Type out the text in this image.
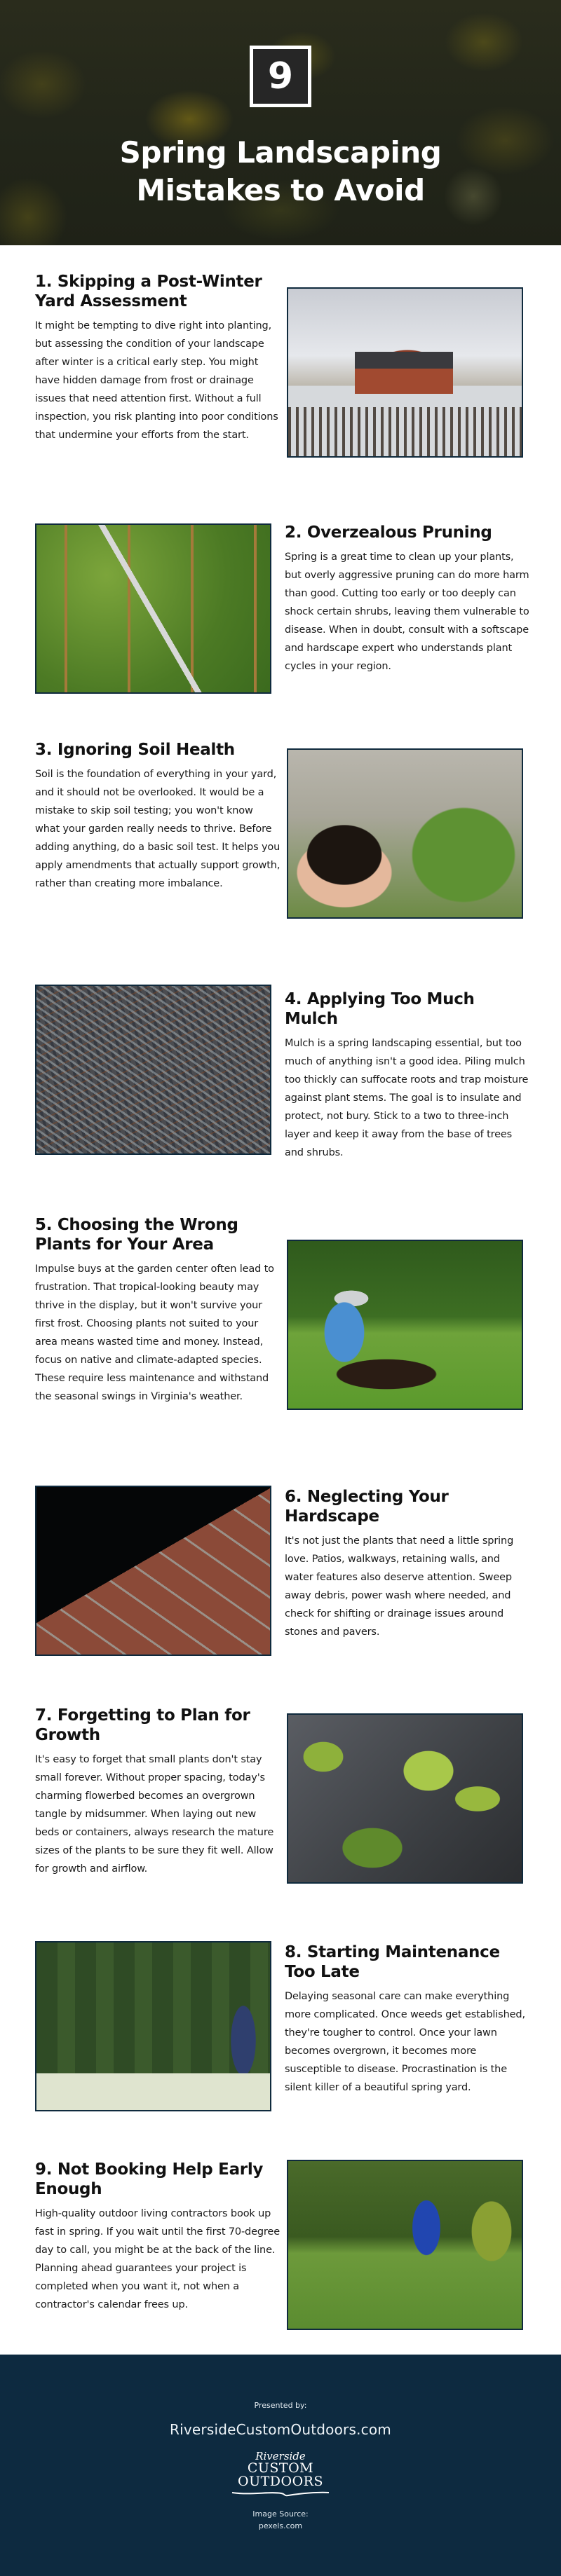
9
Spring Landscaping
Mistakes to Avoid
1. Skipping a Post-Winter Yard Assessment

It might be tempting to dive right into planting, but assessing the condition of your landscape after winter is a critical early step. You might have hidden damage from frost or drainage issues that need attention first. Without a full inspection, you risk planting into poor conditions that undermine your efforts from the start.

2. Overzealous Pruning

Spring is a great time to clean up your plants, but overly aggressive pruning can do more harm than good. Cutting too early or too deeply can shock certain shrubs, leaving them vulnerable to disease. When in doubt, consult with a softscape and hardscape expert who understands plant cycles in your region.

3. Ignoring Soil Health

Soil is the foundation of everything in your yard, and it should not be overlooked. It would be a mistake to skip soil testing; you won't know what your garden really needs to thrive. Before adding anything, do a basic soil test. It helps you apply amendments that actually support growth, rather than creating more imbalance.

4. Applying Too Much Mulch

Mulch is a spring landscaping essential, but too much of anything isn't a good idea. Piling mulch too thickly can suffocate roots and trap moisture against plant stems. The goal is to insulate and protect, not bury. Stick to a two to three-inch layer and keep it away from the base of trees and shrubs.

5. Choosing the Wrong Plants for Your Area

Impulse buys at the garden center often lead to frustration. That tropical-looking beauty may thrive in the display, but it won't survive your first frost. Choosing plants not suited to your area means wasted time and money. Instead, focus on native and climate-adapted species. These require less maintenance and withstand the seasonal swings in Virginia's weather.

6. Neglecting Your Hardscape

It's not just the plants that need a little spring love. Patios, walkways, retaining walls, and water features also deserve attention. Sweep away debris, power wash where needed, and check for shifting or drainage issues around stones and pavers.

7. Forgetting to Plan for Growth

It's easy to forget that small plants don't stay small forever. Without proper spacing, today's charming flowerbed becomes an overgrown tangle by midsummer. When laying out new beds or containers, always research the mature sizes of the plants to be sure they fit well. Allow for growth and airflow.

8. Starting Maintenance Too Late

Delaying seasonal care can make everything more complicated. Once weeds get established, they're tougher to control. Once your lawn becomes overgrown, it becomes more susceptible to disease. Procrastination is the silent killer of a beautiful spring yard.

9. Not Booking Help Early Enough

High-quality outdoor living contractors book up fast in spring. If you wait until the first 70-degree day to call, you might be at the back of the line. Planning ahead guarantees your project is completed when you want it, not when a contractor's calendar frees up.

Presented by:
RiversideCustomOutdoors.com
Riverside
CUSTOM
OUTDOORS
Image Source:
pexels.com
